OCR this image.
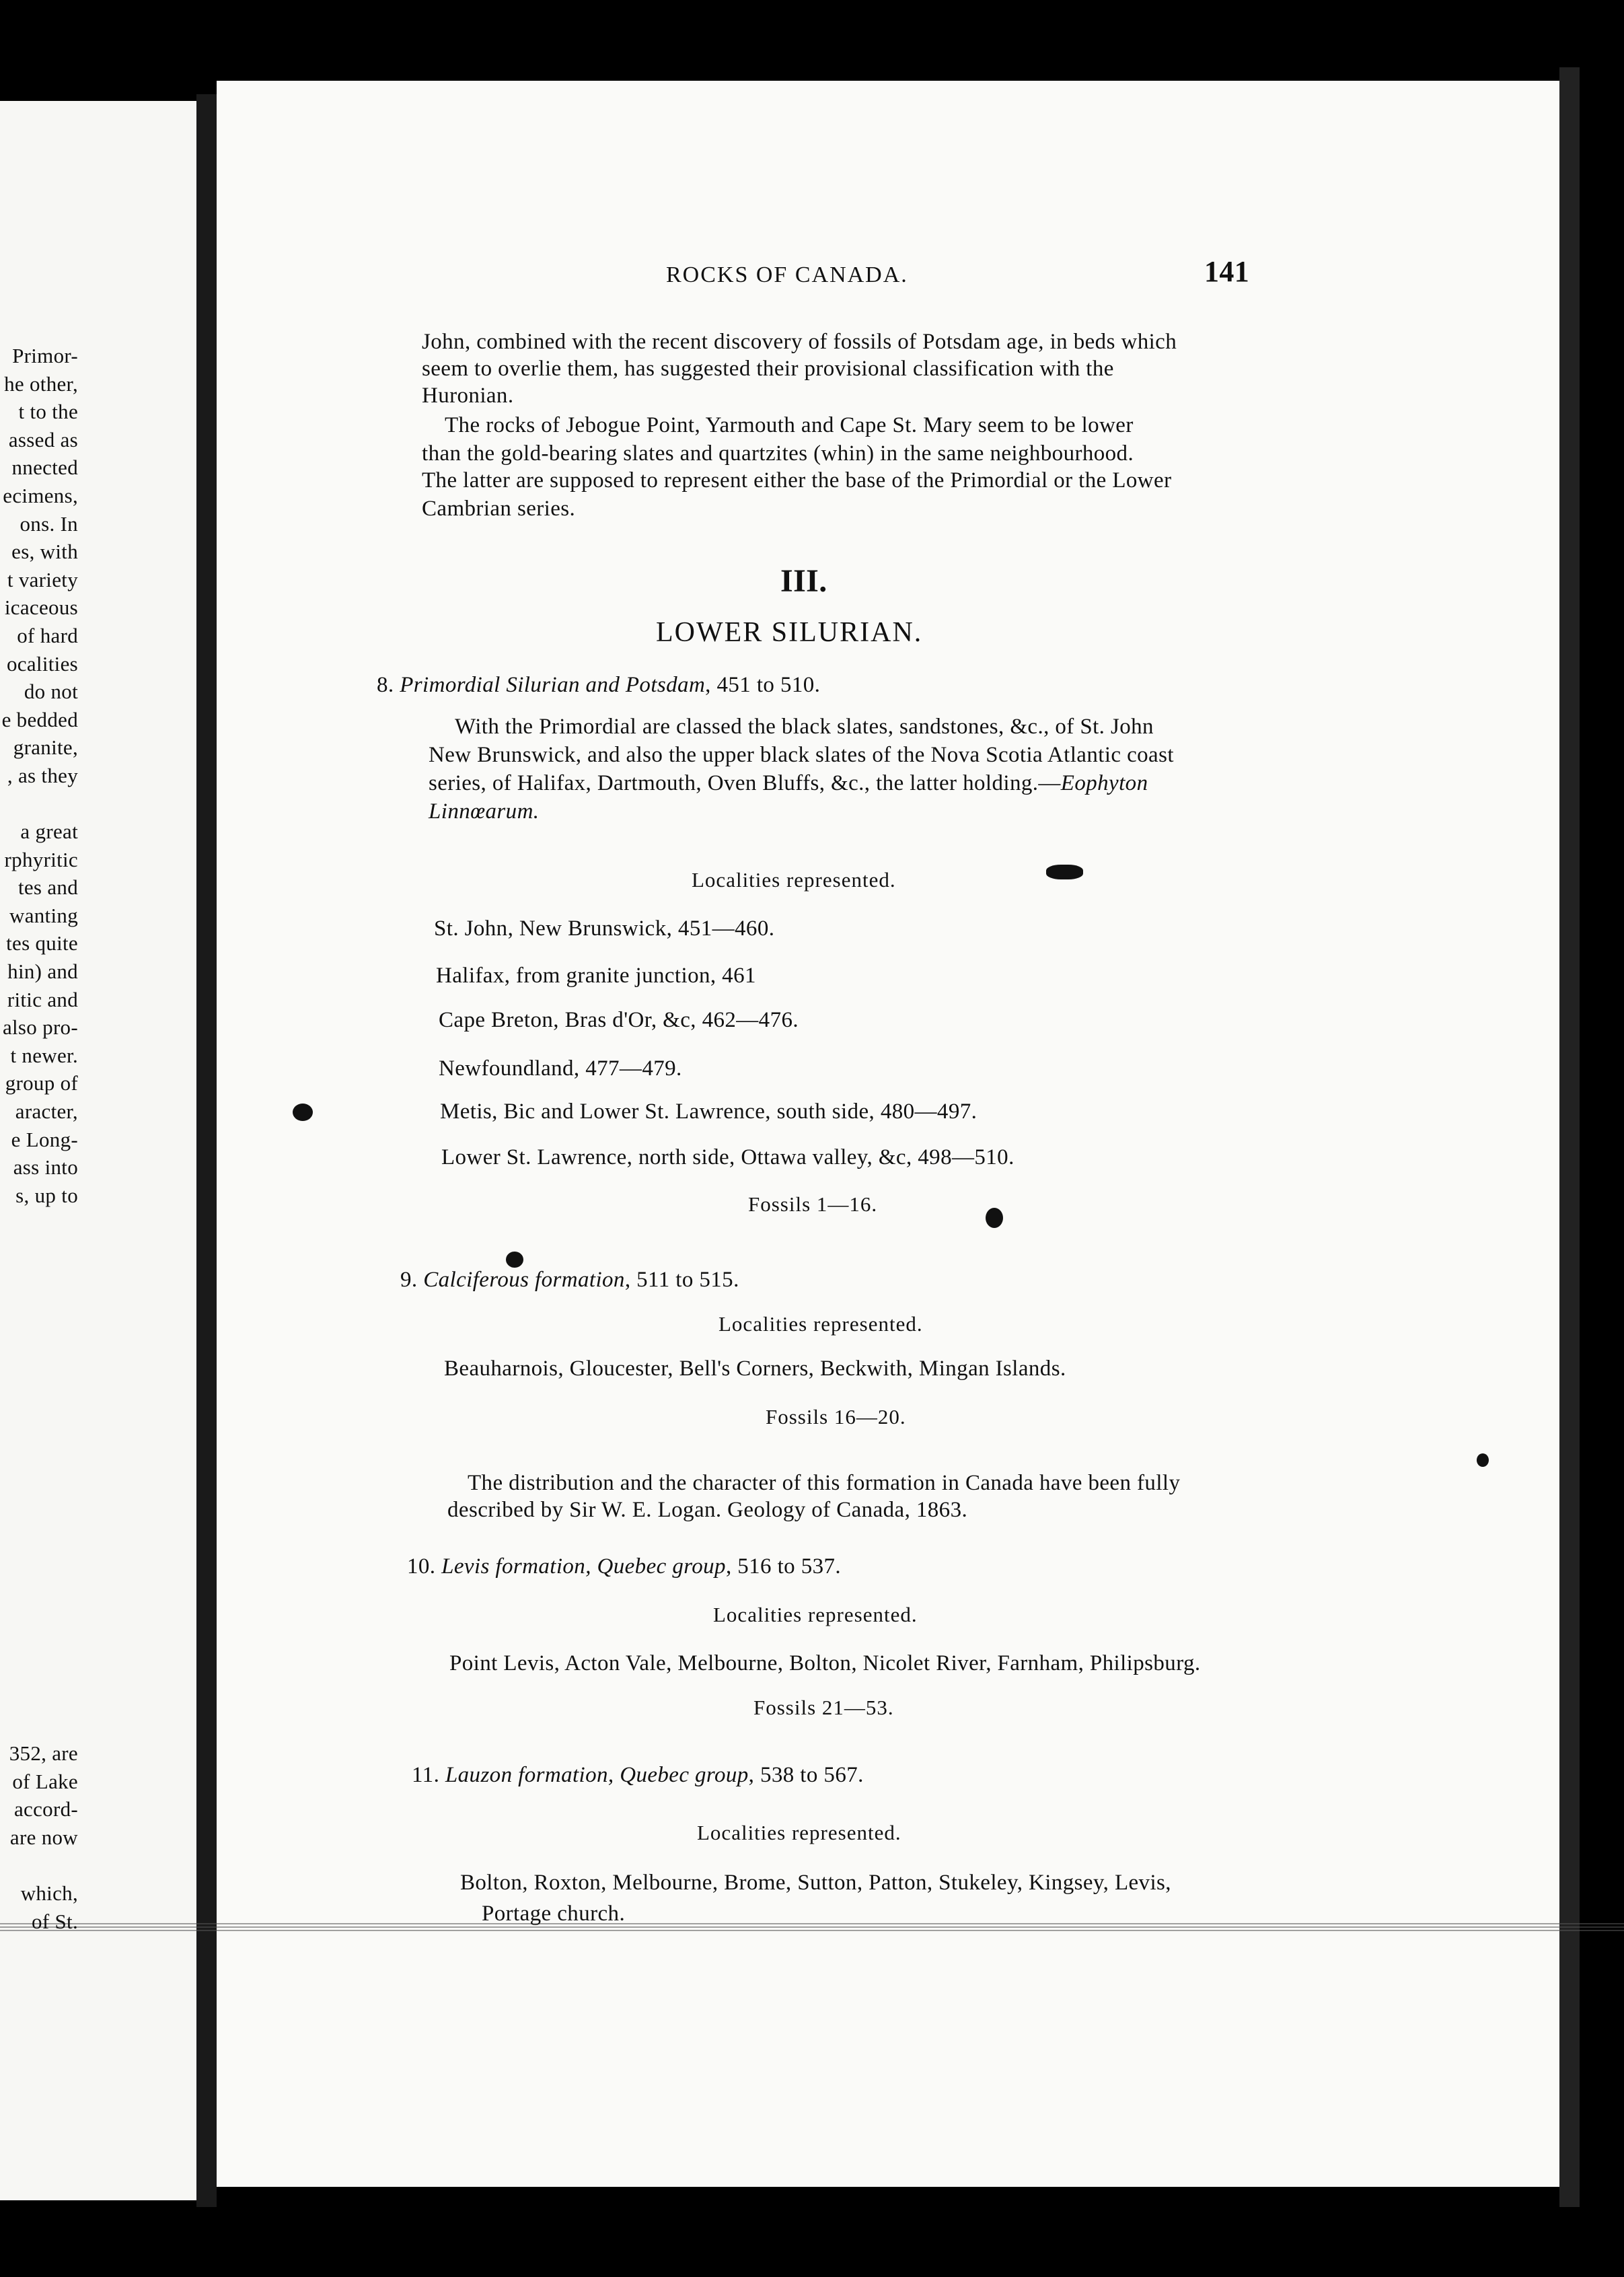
Primor-
he other,
t to the
assed as
nnected
ecimens,
ons. In
es, with
t variety
icaceous
of hard
ocalities
do not
e bedded
granite,
, as they

a great
rphyritic
tes and
wanting
tes quite
hin) and
ritic and
also pro-
t newer.
group of
aracter,
e Long-
ass into
s, up to
352, are
of Lake
accord-
are now

which,
of St.
ROCKS OF CANADA.	141
John, combined with the recent discovery of fossils of Potsdam age, in beds which
seem to overlie them, has suggested their provisional classification with the
Huronian.
The rocks of Jebogue Point, Yarmouth and Cape St. Mary seem to be lower
than the gold-bearing slates and quartzites (whin) in the same neighbourhood.
The latter are supposed to represent either the base of the Primordial or the Lower
Cambrian series.
III.
LOWER SILURIAN.
8. Primordial Silurian and Potsdam, 451 to 510.
With the Primordial are classed the black slates, sandstones, &c., of St. John
New Brunswick, and also the upper black slates of the Nova Scotia Atlantic coast
series, of Halifax, Dartmouth, Oven Bluffs, &c., the latter holding.—Eophyton
Linnœarum.
Localities represented.
St. John, New Brunswick, 451—460.
Halifax, from granite junction, 461
Cape Breton, Bras d'Or, &c, 462—476.
Newfoundland, 477—479.
Metis, Bic and Lower St. Lawrence, south side, 480—497.
Lower St. Lawrence, north side, Ottawa valley, &c, 498—510.
Fossils 1—16.
9. Calciferous formation, 511 to 515.
Localities represented.
Beauharnois, Gloucester, Bell's Corners, Beckwith, Mingan Islands.
Fossils 16—20.
The distribution and the character of this formation in Canada have been fully
described by Sir W. E. Logan. Geology of Canada, 1863.
10. Levis formation, Quebec group, 516 to 537.
Localities represented.
Point Levis, Acton Vale, Melbourne, Bolton, Nicolet River, Farnham, Philipsburg.
Fossils 21—53.
11. Lauzon formation, Quebec group, 538 to 567.
Localities represented.
Bolton, Roxton, Melbourne, Brome, Sutton, Patton, Stukeley, Kingsey, Levis,
Portage church.
